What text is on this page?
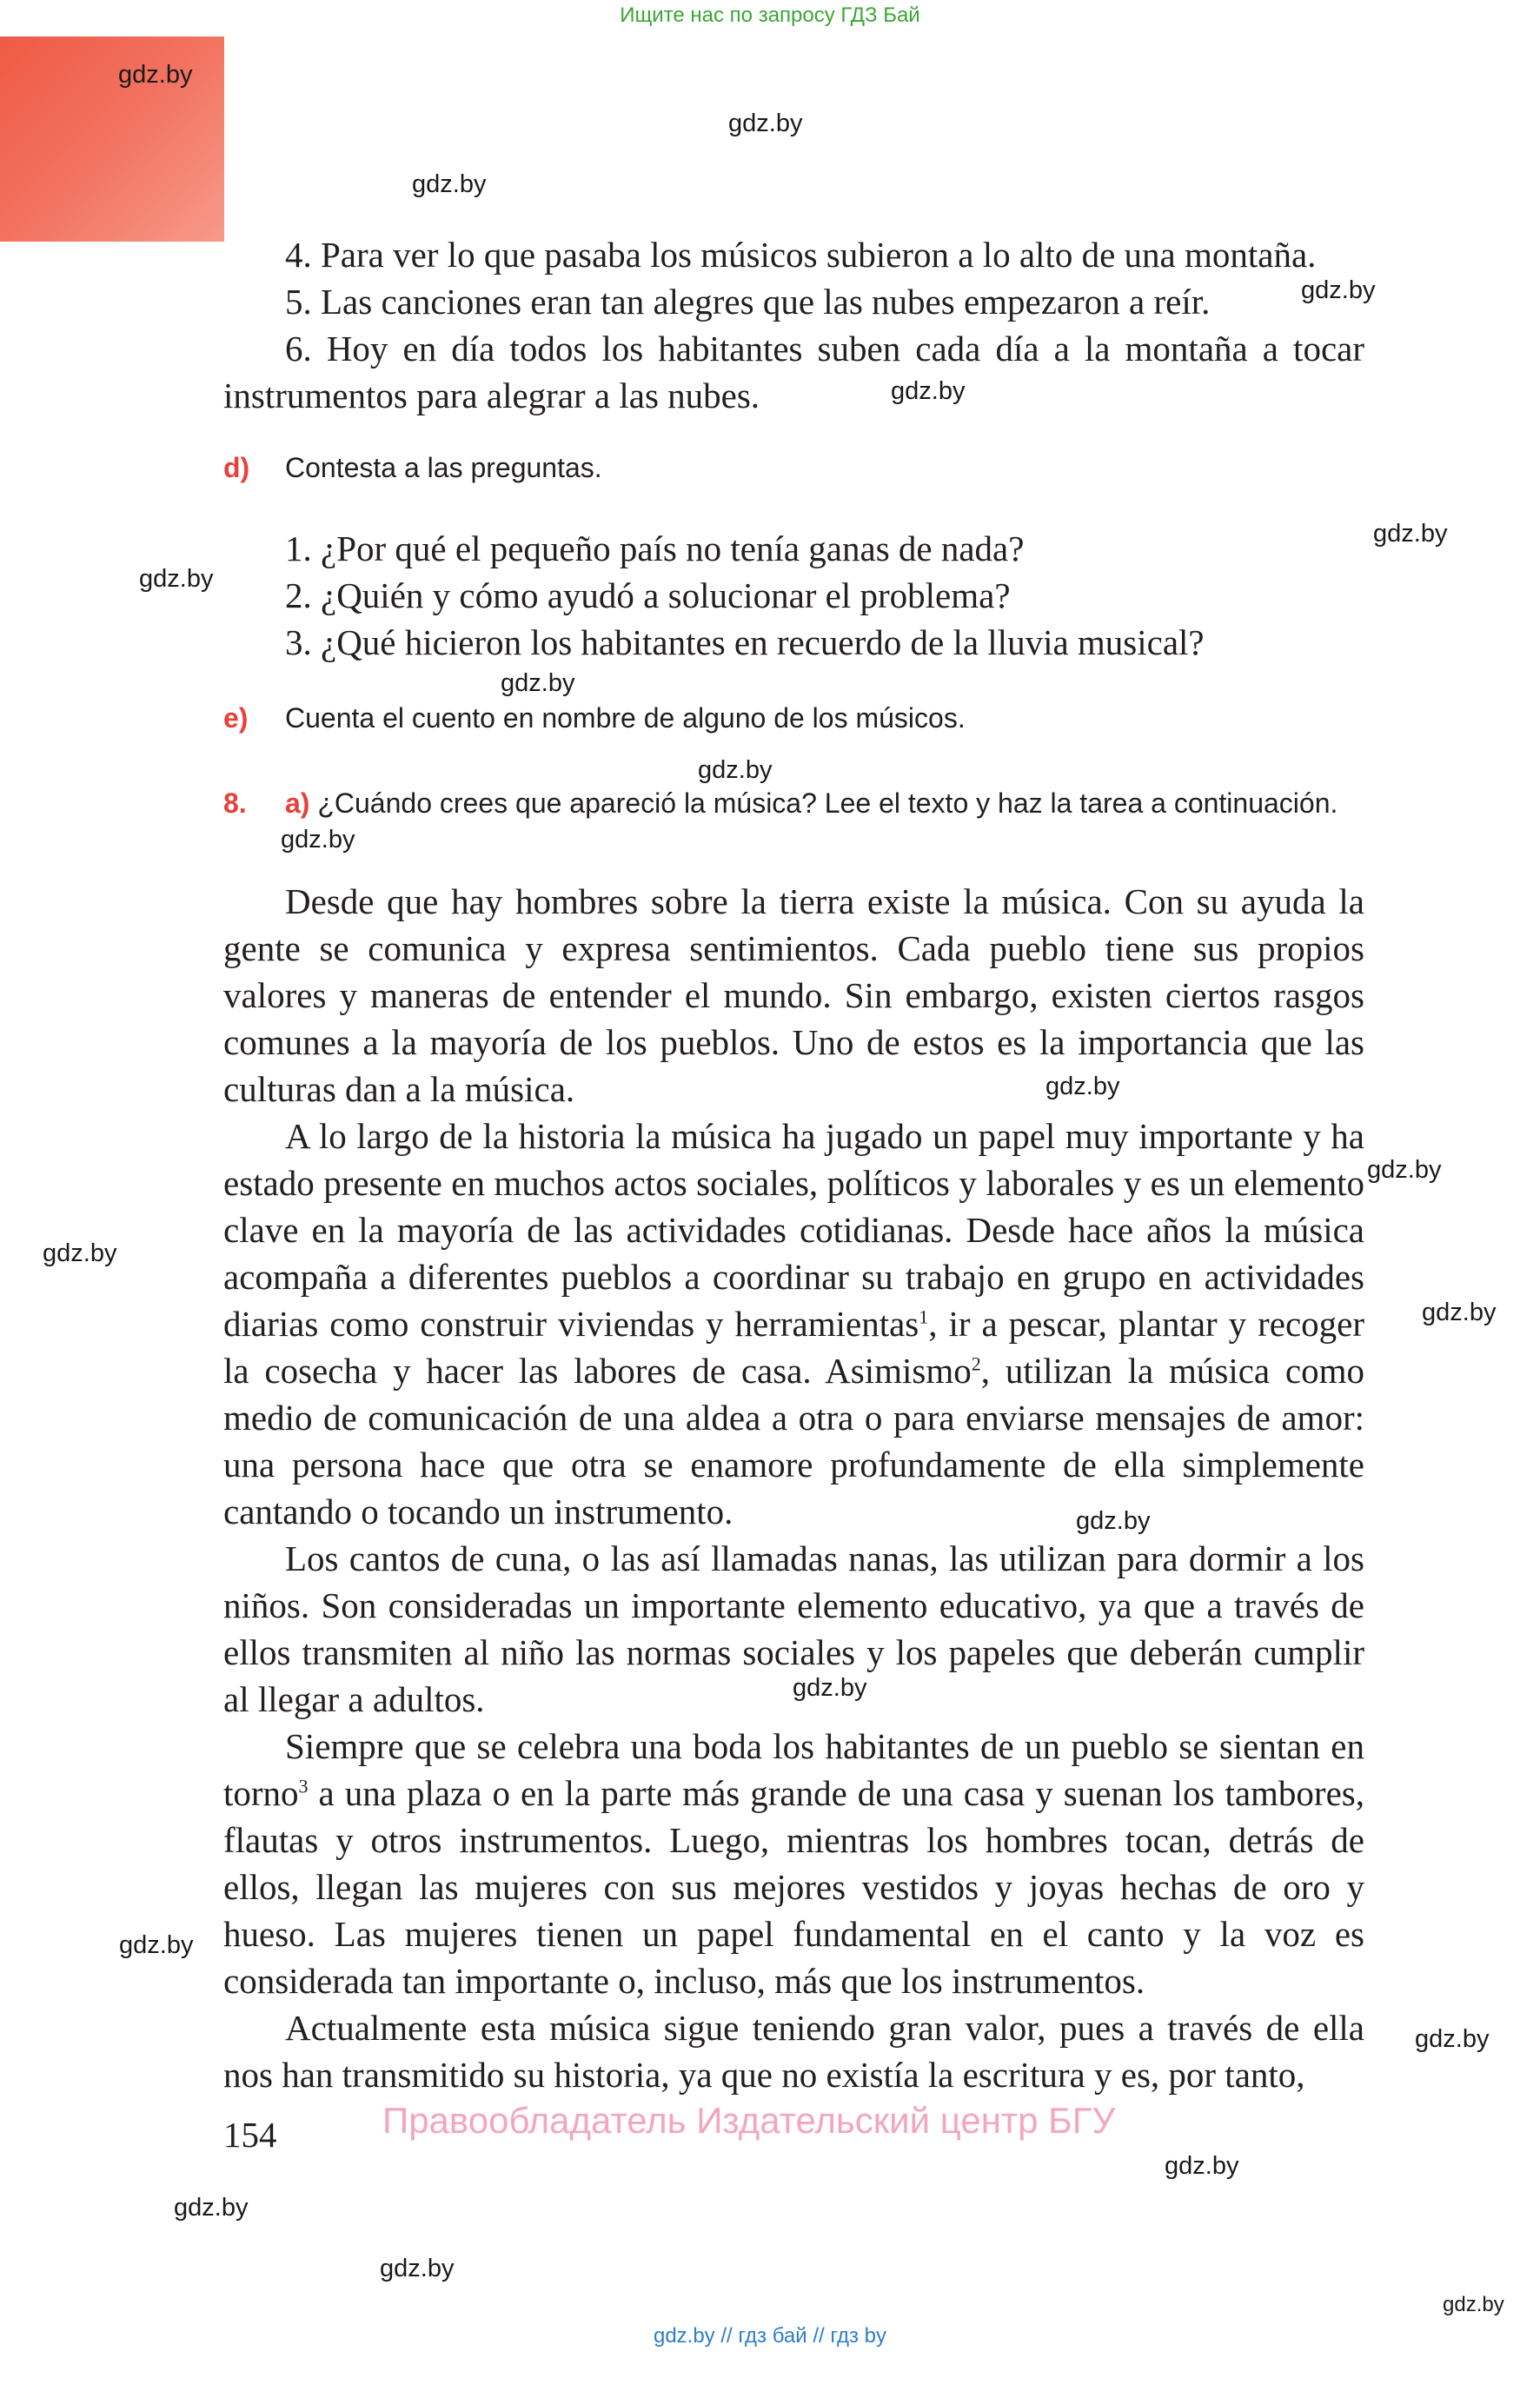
Ищите нас по запросу ГДЗ Бай
gdz.by
gdz.by
gdz.by
gdz.by
gdz.by
gdz.by
gdz.by
gdz.by
gdz.by
gdz.by
gdz.by
gdz.by
gdz.by
gdz.by
gdz.by
gdz.by
gdz.by
gdz.by
gdz.by
gdz.by
gdz.by
gdz.by
4. Para ver lo que pasaba los músicos subieron a lo alto de una montaña.
5. Las canciones eran tan alegres que las nubes empezaron a reír.
6. Hoy en día todos los habitantes suben cada día a la montaña a tocar
instrumentos para alegrar a las nubes.
d) Contesta a las preguntas.
1. ¿Por qué el pequeño país no tenía ganas de nada?
2. ¿Quién y cómo ayudó a solucionar el problema?
3. ¿Qué hicieron los habitantes en recuerdo de la lluvia musical?
e) Cuenta el cuento en nombre de alguno de los músicos.
8. a) ¿Cuándo crees que apareció la música? Lee el texto y haz la tarea a continuación.

Desde que hay hombres sobre la tierra existe la música. Con su ayuda la gente se comunica y expresa sentimientos. Cada pueblo tiene sus propios valores y maneras de entender el mundo. Sin embargo, existen ciertos rasgos comunes a la mayoría de los pueblos. Uno de estos es la importancia que las culturas dan a la música.

A lo largo de la historia la música ha jugado un papel muy importante y ha estado presente en muchos actos sociales, políticos y laborales y es un elemento clave en la mayoría de las actividades cotidianas. Desde hace años la música acompaña a diferentes pueblos a coordinar su trabajo en grupo en actividades diarias como construir viviendas y herramientas$^1$, ir a pescar, plantar y recoger la cosecha y hacer las labores de casa. Asimismo$^2$, utilizan la música como medio de comunicación de una aldea a otra o para enviarse mensajes de amor: una persona hace que otra se enamore profundamente de ella simplemente cantando o tocando un instrumento.

Los cantos de cuna, o las así llamadas nanas, las utilizan para dormir a los niños. Son consideradas un importante elemento educativo, ya que a través de ellos transmiten al niño las normas sociales y los papeles que deberán cumplir al llegar a adultos.

Siempre que se celebra una boda los habitantes de un pueblo se sientan en torno$^3$ a una plaza o en la parte más grande de una casa y suenan los tambores, flautas y otros instrumentos. Luego, mientras los hombres tocan, detrás de ellos, llegan las mujeres con sus mejores vestidos y joyas hechas de oro y hueso. Las mujeres tienen un papel fundamental en el canto y la voz es considerada tan importante o, incluso, más que los instrumentos.

Actualmente esta música sigue teniendo gran valor, pues a través de ella nos han transmitido su historia, ya que no existía la escritura y es, por tanto,

154	Правообладатель Издательский центр БГУ
gdz.by // гдз бай // гдз by
